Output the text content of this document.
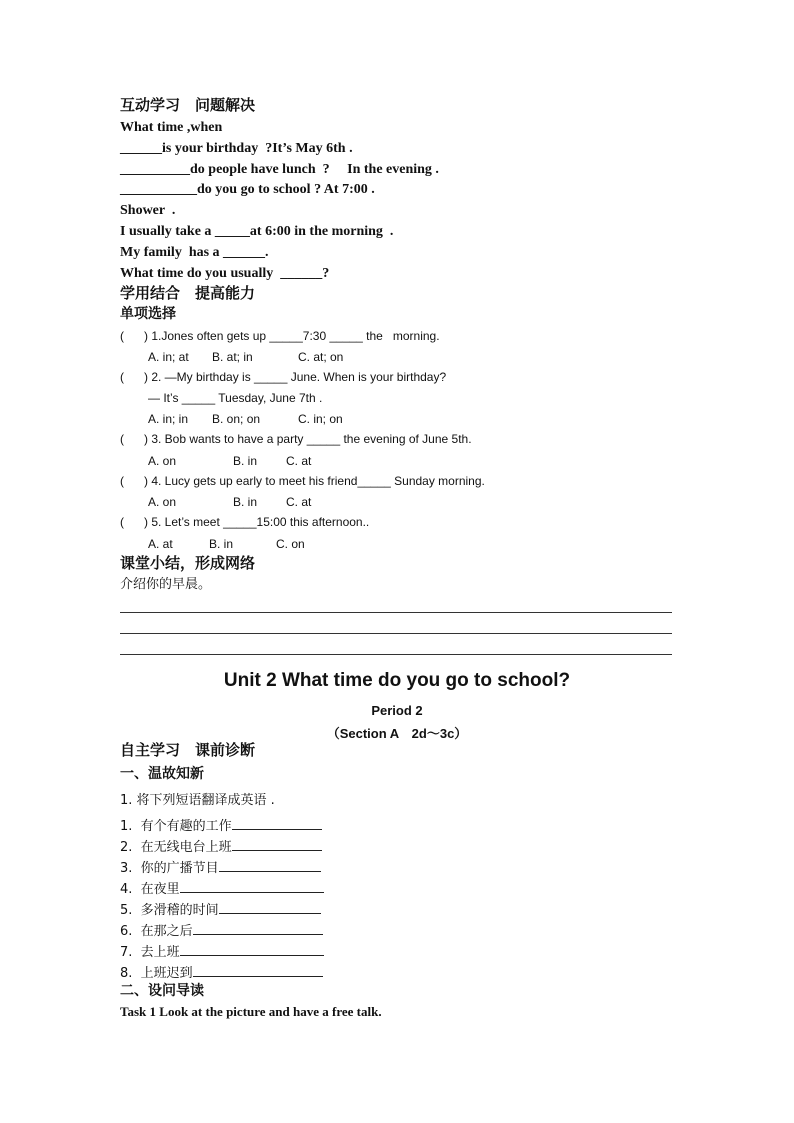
互动学习　问题解决
What time ,when
______is your birthday  ?It’s May 6th .
__________do people have lunch  ?     In the evening .
___________do you go to school ? At 7:00 .
Shower  .
I usually take a _____at 6:00 in the morning  .
My family  has a ______.
What time do you usually  ______?
学用结合　提高能力
单项选择
(      ) 1.Jones often gets up _____7:30 _____ the   morning.
A. in; at B. at; in	C. at; on
(      ) 2. —My birthday is _____ June. When is your birthday?
— It’s _____ Tuesday, June 7th .
A. in; in B. on; on	C. in; on
(      ) 3. Bob wants to have a party _____ the evening of June 5th.
A. on	B. in C. at
(      ) 4. Lucy gets up early to meet his friend_____ Sunday morning.
A. on	B. in C. at
(      ) 5. Let’s meet _____15:00 this afternoon..
A. at	B. in	C. on
课堂小结，形成网络
介绍你的早晨。
Unit 2 What time do you go to school?
Period 2
（Section A　2d～3c）
自主学习　课前诊断
一、温故知新
1. 将下列短语翻译成英语 .
1.  有个有趣的工作
2.  在无线电台上班
3.  你的广播节目
4.  在夜里
5.  多滑稽的时间
6.  在那之后
7.  去上班
8.  上班迟到
二、设问导读
Task 1 Look at the picture and have a free talk.
